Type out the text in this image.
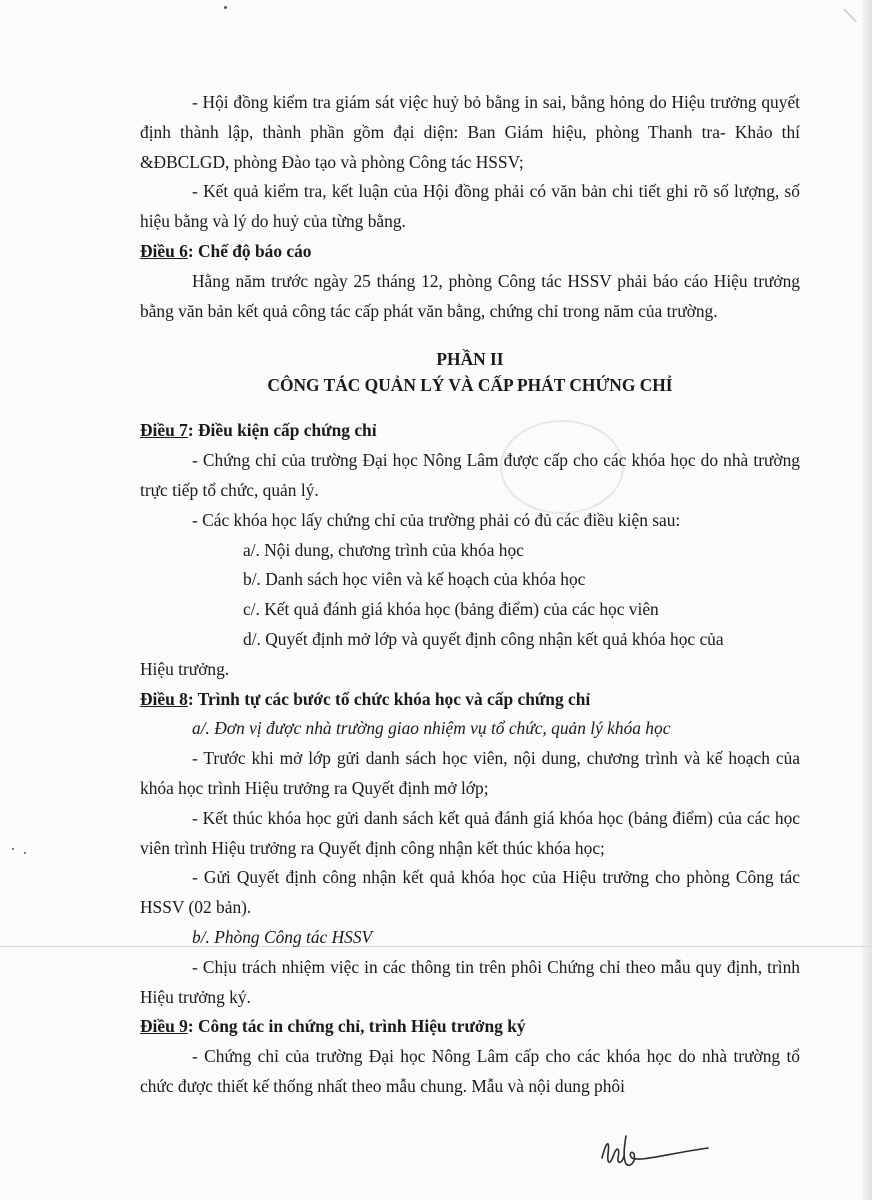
- Hội đồng kiểm tra giám sát việc huỷ bỏ bằng in sai, bằng hỏng do Hiệu trưởng quyết định thành lập, thành phần gồm đại diện: Ban Giám hiệu, phòng Thanh tra- Khảo thí &ĐBCLGD, phòng Đào tạo và phòng Công tác HSSV;

- Kết quả kiểm tra, kết luận của Hội đồng phải có văn bản chi tiết ghi rõ số lượng, số hiệu bằng và lý do huỷ của từng bằng.

Điều 6: Chế độ báo cáo

Hằng năm trước ngày 25 tháng 12, phòng Công tác HSSV phải báo cáo Hiệu trưởng bằng văn bản kết quả công tác cấp phát văn bằng, chứng chỉ trong năm của trường.

PHẦN II

CÔNG TÁC QUẢN LÝ VÀ CẤP PHÁT CHỨNG CHỈ

Điều 7: Điều kiện cấp chứng chỉ

- Chứng chỉ của trường Đại học Nông Lâm được cấp cho các khóa học do nhà trường trực tiếp tổ chức, quản lý.

- Các khóa học lấy chứng chỉ của trường phải có đủ các điều kiện sau:

a/. Nội dung, chương trình của khóa học

b/. Danh sách học viên và kế hoạch của khóa học

c/. Kết quả đánh giá khóa học (bảng điểm) của các học viên

d/. Quyết định mở lớp và quyết định công nhận kết quả khóa học của

Hiệu trưởng.

Điều 8: Trình tự các bước tổ chức khóa học và cấp chứng chỉ

a/. Đơn vị được nhà trường giao nhiệm vụ tổ chức, quản lý khóa học

- Trước khi mở lớp gửi danh sách học viên, nội dung, chương trình và kế hoạch của khóa học trình Hiệu trưởng ra Quyết định mở lớp;

- Kết thúc khóa học gửi danh sách kết quả đánh giá khóa học (bảng điểm) của các học viên trình Hiệu trưởng ra Quyết định công nhận kết thúc khóa học;

- Gửi Quyết định công nhận kết quả khóa học của Hiệu trưởng cho phòng Công tác HSSV (02 bản).

b/. Phòng Công tác HSSV

- Chịu trách nhiệm việc in các thông tin trên phôi Chứng chỉ theo mẫu quy định, trình Hiệu trưởng ký.

Điều 9: Công tác in chứng chỉ, trình Hiệu trưởng ký

- Chứng chỉ của trường Đại học Nông Lâm cấp cho các khóa học do nhà trường tổ chức được thiết kế thống nhất theo mẫu chung. Mẫu và nội dung phôi
